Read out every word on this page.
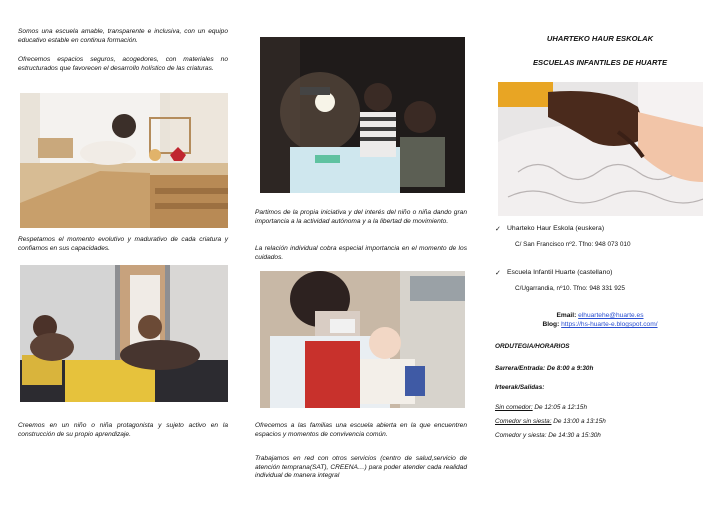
Somos una escuela amable, transparente e inclusiva, con un equipo educativo estable en continua formación.

Ofrecemos espacios seguros, acogedores, con materiales no estructurados que favorecen el desarrollo holístico de las criaturas.

Respetamos el momento evolutivo y madurativo de cada criatura y confiamos en sus capacidades.

Creemos en un niño o niña protagonista y sujeto activo en la construcción de su propio aprendizaje.

Partimos de la propia iniciativa y del interés del niño o niña dando gran importancia a la actividad autónoma y a la libertad de movimiento.

La relación individual cobra especial importancia en el momento de los cuidados.

Ofrecemos a las familias una escuela abierta en la que encuentren espacios y momentos de convivencia común.

Trabajamos en red con otros servicios (centro de salud,servicio de atención temprana(SAT), CREENA…) para poder atender cada realidad individual de manera integral

UHARTEKO HAUR ESKOLAK
ESCUELAS INFANTILES DE HUARTE
✓ Uharteko Haur Eskola (euskera)
C/ San Francisco nº2. Tfno: 948 073 010
✓ Escuela Infantil Huarte (castellano)
C/Ugarrandia, nº10. Tfno: 948 331 925
Email: elhuartehe@huarte.es
Blog: https://hs-huarte-e.blogspot.com/
ORDUTEGIA/HORARIOS
Sarrera/Entrada: De 8:00 a 9:30h
Irteerak/Salidas:
Sin comedor: De 12:05 a 12:15h
Comedor sin siesta: De 13:00 a 13:15h
Comedor y siesta: De 14:30 a 15:30h
